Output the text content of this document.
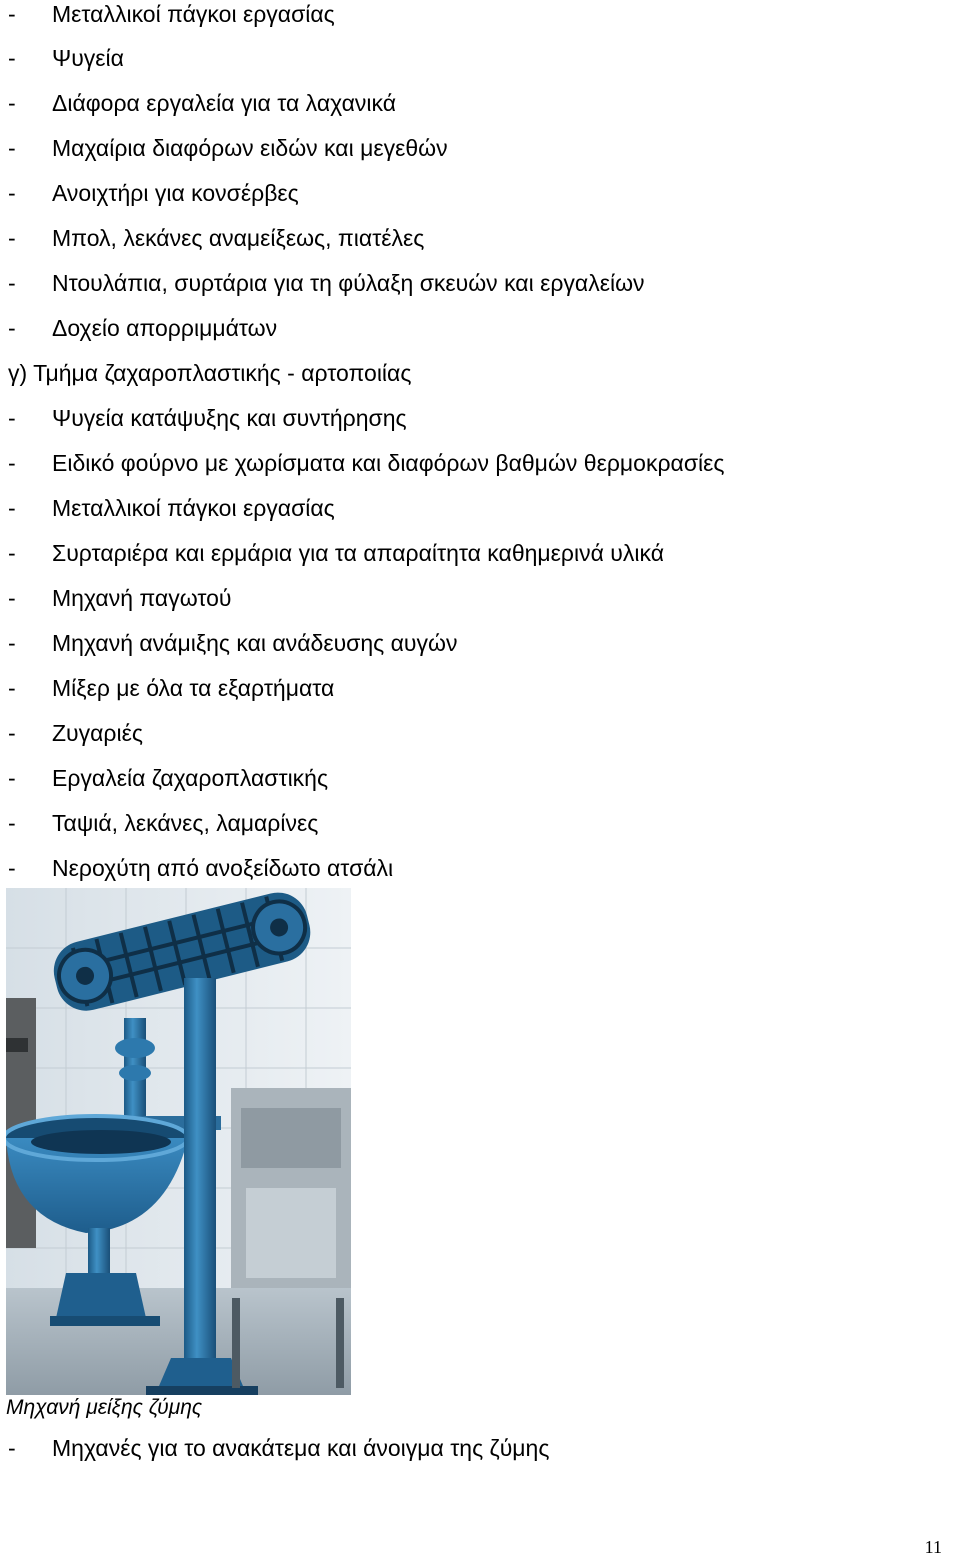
- Μεταλλικοί πάγκοι εργασίας
- Ψυγεία
- Διάφορα εργαλεία για τα λαχανικά
- Μαχαίρια διαφόρων ειδών και μεγεθών
- Ανοιχτήρι για κονσέρβες
- Μπολ, λεκάνες αναμείξεως, πιατέλες
- Ντουλάπια, συρτάρια για τη φύλαξη σκευών και εργαλείων
- Δοχείο απορριμμάτων
γ) Τμήμα ζαχαροπλαστικής - αρτοποιίας
- Ψυγεία κατάψυξης και συντήρησης
- Ειδικό φούρνο με χωρίσματα και διαφόρων βαθμών θερμοκρασίες
- Μεταλλικοί πάγκοι εργασίας
- Συρταριέρα και ερμάρια για τα απαραίτητα καθημερινά υλικά
- Μηχανή παγωτού
- Μηχανή ανάμιξης και ανάδευσης αυγών
- Μίξερ με όλα τα εξαρτήματα
- Ζυγαριές
- Εργαλεία ζαχαροπλαστικής
- Ταψιά, λεκάνες, λαμαρίνες
- Νεροχύτη από ανοξείδωτο ατσάλι
Μηχανή μείξης ζύμης
- Μηχανές για το ανακάτεμα και άνοιγμα της ζύμης
11
